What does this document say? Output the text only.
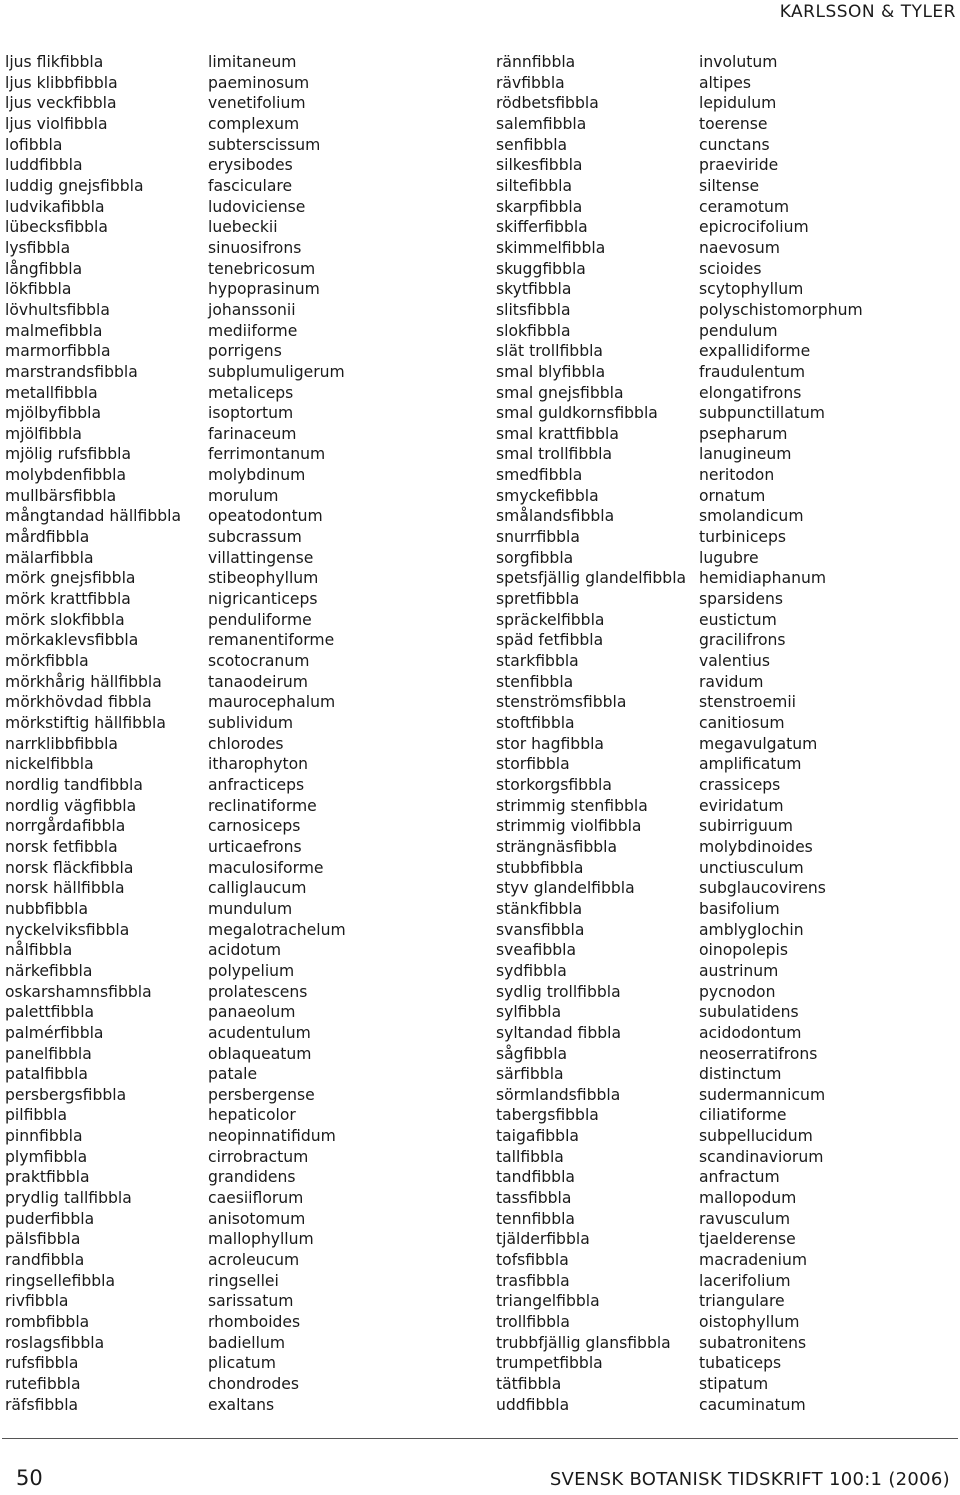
KARLSSON & TYLER
ljus flikfibbla
ljus klibbfibbla
ljus veckfibbla
ljus violfibbla
lofibbla
luddfibbla
luddig gnejsfibbla
ludvikafibbla
lübecksfibbla
lysfibbla
långfibbla
lökfibbla
lövhultsfibbla
malmefibbla
marmorfibbla
marstrandsfibbla
metallfibbla
mjölbyfibbla
mjölfibbla
mjölig rufsfibbla
molybdenfibbla
mullbärsfibbla
mångtandad hällfibbla
mårdfibbla
mälarfibbla
mörk gnejsfibbla
mörk krattfibbla
mörk slokfibbla
mörkaklevsfibbla
mörkfibbla
mörkhårig hällfibbla
mörkhövdad fibbla
mörkstiftig hällfibbla
narrklibbfibbla
nickelfibbla
nordlig tandfibbla
nordlig vägfibbla
norrgårdafibbla
norsk fetfibbla
norsk fläckfibbla
norsk hällfibbla
nubbfibbla
nyckelviksfibbla
nålfibbla
närkefibbla
oskarshamnsfibbla
palettfibbla
palmérfibbla
panelfibbla
patalfibbla
persbergsfibbla
pilfibbla
pinnfibbla
plymfibbla
praktfibbla
prydlig tallfibbla
puderfibbla
pälsfibbla
randfibbla
ringsellefibbla
rivfibbla
rombfibbla
roslagsfibbla
rufsfibbla
rutefibbla
räfsfibbla
limitaneum
paeminosum
venetifolium
complexum
subterscissum
erysibodes
fasciculare
ludoviciense
luebeckii
sinuosifrons
tenebricosum
hypoprasinum
johanssonii
mediiforme
porrigens
subplumuligerum
metaliceps
isoptortum
farinaceum
ferrimontanum
molybdinum
morulum
opeatodontum
subcrassum
villattingense
stibeophyllum
nigricanticeps
penduliforme
remanentiforme
scotocranum
tanaodeirum
maurocephalum
sublividum
chlorodes
itharophyton
anfracticeps
reclinatiforme
carnosiceps
urticaefrons
maculosiforme
calliglaucum
mundulum
megalotrachelum
acidotum
polypelium
prolatescens
panaeolum
acudentulum
oblaqueatum
patale
persbergense
hepaticolor
neopinnatifidum
cirrobractum
grandidens
caesiiflorum
anisotomum
mallophyllum
acroleucum
ringsellei
sarissatum
rhomboides
badiellum
plicatum
chondrodes
exaltans
rännfibbla
rävfibbla
rödbetsfibbla
salemfibbla
senfibbla
silkesfibbla
siltefibbla
skarpfibbla
skifferfibbla
skimmelfibbla
skuggfibbla
skytfibbla
slitsfibbla
slokfibbla
slät trollfibbla
smal blyfibbla
smal gnejsfibbla
smal guldkornsfibbla
smal krattfibbla
smal trollfibbla
smedfibbla
smyckefibbla
smålandsfibbla
snurrfibbla
sorgfibbla
spetsfjällig glandelfibbla
spretfibbla
spräckelfibbla
späd fetfibbla
starkfibbla
stenfibbla
stenströmsfibbla
stoftfibbla
stor hagfibbla
storfibbla
storkorgsfibbla
strimmig stenfibbla
strimmig violfibbla
strängnäsfibbla
stubbfibbla
styv glandelfibbla
stänkfibbla
svansfibbla
sveafibbla
sydfibbla
sydlig trollfibbla
sylfibbla
syltandad fibbla
sågfibbla
särfibbla
sörmlandsfibbla
tabergsfibbla
taigafibbla
tallfibbla
tandfibbla
tassfibbla
tennfibbla
tjälderfibbla
tofsfibbla
trasfibbla
triangelfibbla
trollfibbla
trubbfjällig glansfibbla
trumpetfibbla
tätfibbla
uddfibbla
involutum
altipes
lepidulum
toerense
cunctans
praeviride
siltense
ceramotum
epicrocifolium
naevosum
scioides
scytophyllum
polyschistomorphum
pendulum
expallidiforme
fraudulentum
elongatifrons
subpunctillatum
psepharum
lanugineum
neritodon
ornatum
smolandicum
turbiniceps
lugubre
hemidiaphanum
sparsidens
eustictum
gracilifrons
valentius
ravidum
stenstroemii
canitiosum
megavulgatum
amplificatum
crassiceps
eviridatum
subirriguum
molybdinoides
unctiusculum
subglaucovirens
basifolium
amblyglochin
oinopolepis
austrinum
pycnodon
subulatidens
acidodontum
neoserratifrons
distinctum
sudermannicum
ciliatiforme
subpellucidum
scandinaviorum
anfractum
mallopodum
ravusculum
tjaelderense
macradenium
lacerifolium
triangulare
oistophyllum
subatronitens
tubaticeps
stipatum
cacuminatum
50	SVENSK BOTANISK TIDSKRIFT 100:1 (2006)
